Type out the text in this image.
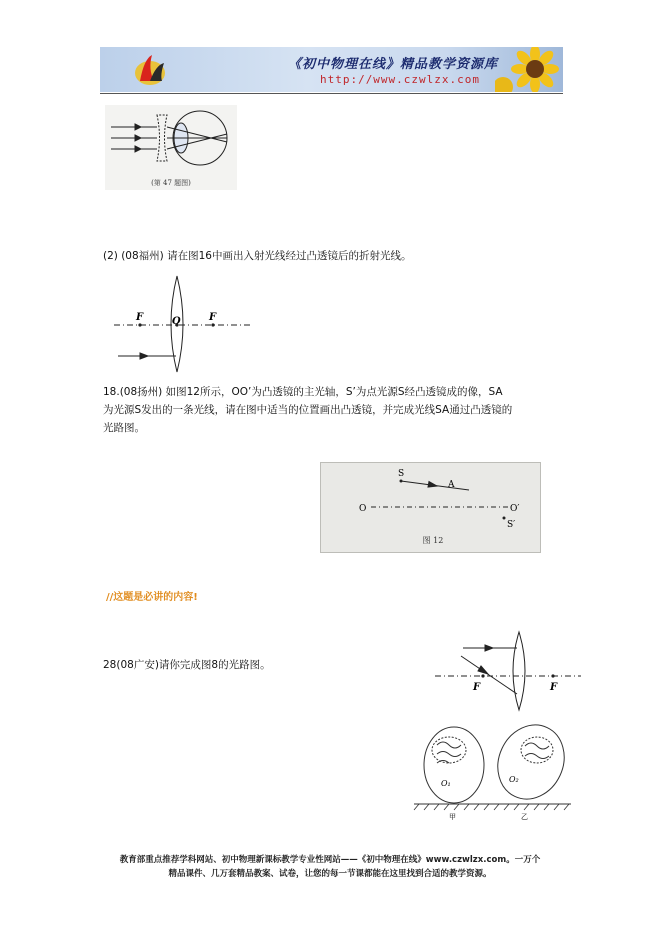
《初中物理在线》精品教学资源库
http://www.czwlzx.com
(第 47 题图)
(2) (08福州) 请在图16中画出入射光线经过凸透镜后的折射光线。
F	O	F
18.(08扬州) 如图12所示，OO’为凸透镜的主光轴，S’为点光源S经凸透镜成的像，SA
为光源S发出的一条光线，请在图中适当的位置画出凸透镜，并完成光线SA通过凸透镜的
光路图。
S
A
O	O′
S′
图 12
//这题是必讲的内容!
28(08广安)请你完成图8的光路图。
F	F
O₁	O₂
甲	乙
教育部重点推荐学科网站、初中物理新课标教学专业性网站——《初中物理在线》www.czwlzx.com。一万个
精品课件、几万套精品教案、试卷，让您的每一节课都能在这里找到合适的教学资源。
